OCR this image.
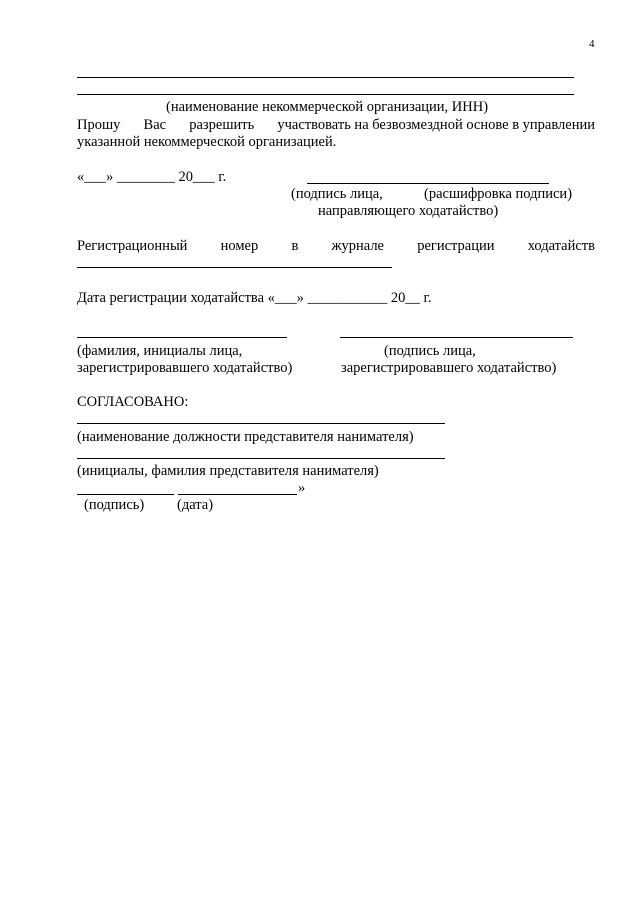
4
(наименование некоммерческой организации, ИНН)
Прошу Вас разрешить участвовать на безвозмездной основе в управлении
указанной некоммерческой организацией.
«___» ________ 20___ г.
(подпись лица,	(расшифровка подписи)
направляющего ходатайство)
Регистрационный номер в журнале регистрации ходатайств
Дата регистрации ходатайства «___» ___________ 20__ г.
(фамилия, инициалы лица,	(подпись лица,
зарегистрировавшего ходатайство)	зарегистрировавшего ходатайство)
СОГЛАСОВАНО:
(наименование должности представителя нанимателя)
(инициалы, фамилия представителя нанимателя)
»
(подпись) (дата)
